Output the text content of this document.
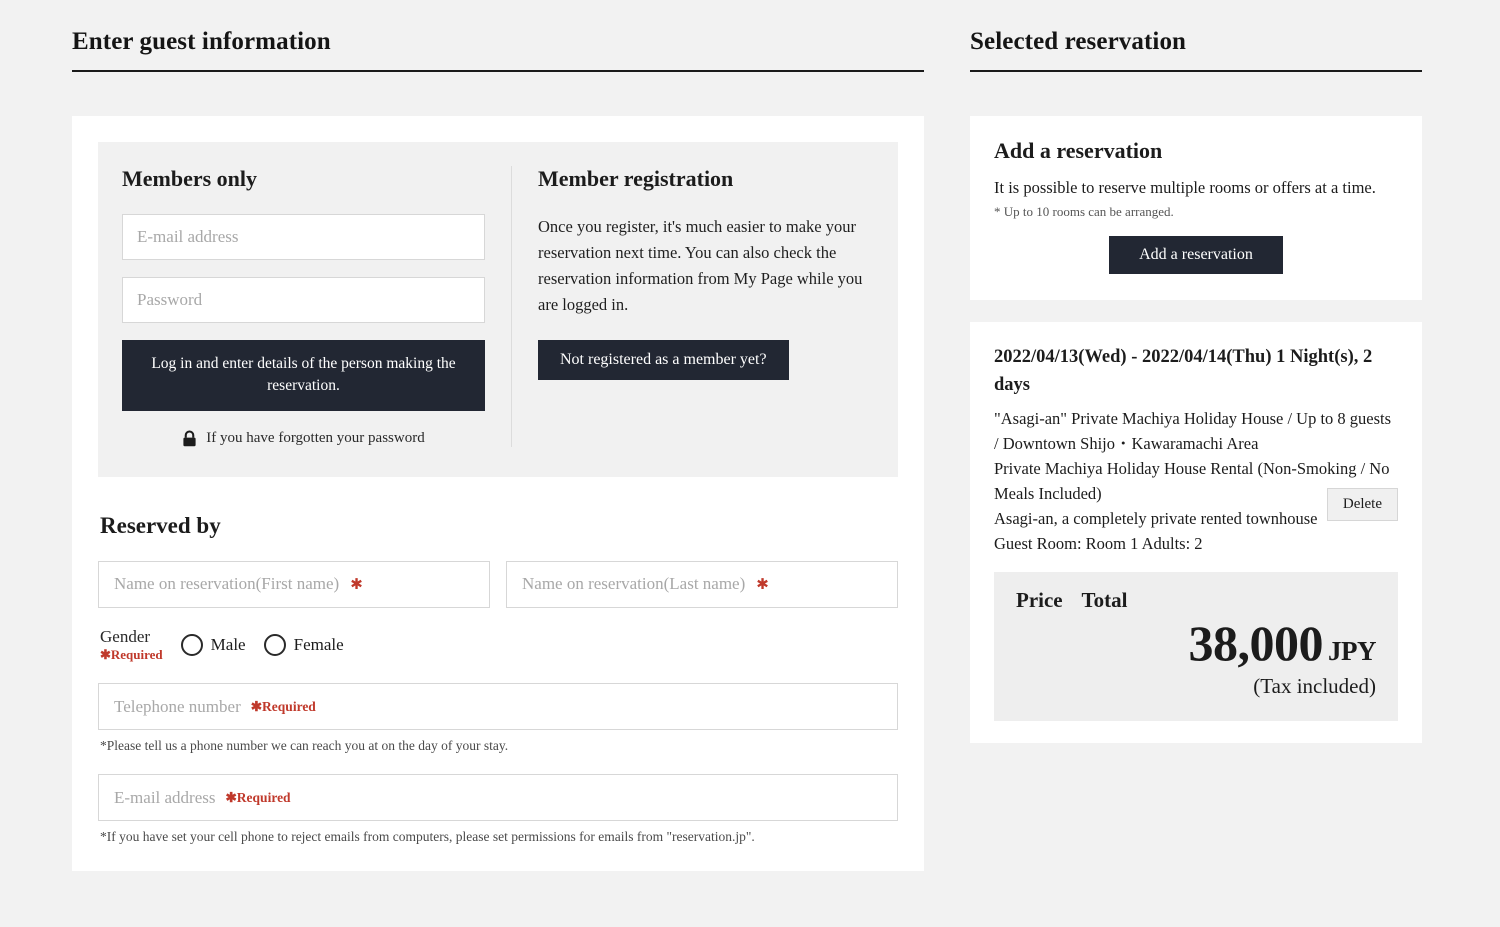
Enter guest information
Members only
E-mail address
Log in and enter details of the person making the reservation.
If you have forgotten your password
Member registration

Once you register, it's much easier to make your reservation next time. You can also check the reservation information from My Page while you are logged in.

Not registered as a member yet?
Reserved by
Name on reservation(First name) ✱	Name on reservation(Last name) ✱
Gender
✱Required
Male	Female
Telephone number ✱Required

*Please tell us a phone number we can reach you at on the day of your stay.

E-mail address ✱Required

*If you have set your cell phone to reject emails from computers, please set permissions for emails from "reservation.jp".

Selected reservation
Add a reservation

It is possible to reserve multiple rooms or offers at a time.

* Up to 10 rooms can be arranged.

Add a reservation
2022/04/13(Wed) - 2022/04/14(Thu) 1 Night(s), 2 days
"Asagi-an" Private Machiya Holiday House / Up to 8 guests / Downtown Shijo・Kawaramachi Area
Private Machiya Holiday House Rental (Non-Smoking / No Meals Included)
Asagi-an, a completely private rented townhouse
Guest Room: Room 1 Adults: 2
Delete
Price Total
38,000 JPY
(Tax included)
